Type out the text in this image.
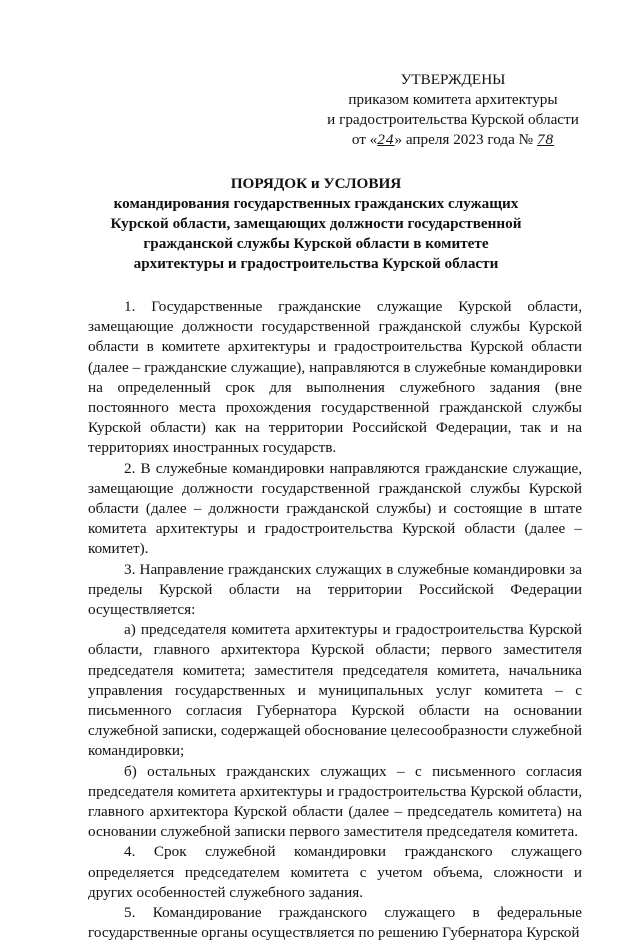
УТВЕРЖДЕНЫ
приказом комитета архитектуры
и градостроительства Курской области
от «24» апреля 2023 года № 78
ПОРЯДОК и УСЛОВИЯ
командирования государственных гражданских служащих
Курской области, замещающих должности государственной
гражданской службы Курской области в комитете
архитектуры и градостроительства Курской области

1. Государственные гражданские служащие Курской области, замещающие должности государственной гражданской службы Курской области в комитете архитектуры и градостроительства Курской области (далее – гражданские служащие), направляются в служебные командировки на определенный срок для выполнения служебного задания (вне постоянного места прохождения государственной гражданской службы Курской области) как на территории Российской Федерации, так и на территориях иностранных государств.

2. В служебные командировки направляются гражданские служащие, замещающие должности государственной гражданской службы Курской области (далее – должности гражданской службы) и состоящие в штате комитета архитектуры и градостроительства Курской области (далее – комитет).

3. Направление гражданских служащих в служебные командировки за пределы Курской области на территории Российской Федерации осуществляется:

а) председателя комитета архитектуры и градостроительства Курской области, главного архитектора Курской области; первого заместителя председателя комитета; заместителя председателя комитета, начальника управления государственных и муниципальных услуг комитета – с письменного согласия Губернатора Курской области на основании служебной записки, содержащей обоснование целесообразности служебной командировки;

б) остальных гражданских служащих – с письменного согласия председателя комитета архитектуры и градостроительства Курской области, главного архитектора Курской области (далее – председатель комитета) на основании служебной записки первого заместителя председателя комитета.

4. Срок служебной командировки гражданского служащего определяется председателем комитета с учетом объема, сложности и других особенностей служебного задания.

5. Командирование гражданского служащего в федеральные государственные органы осуществляется по решению Губернатора Курской
